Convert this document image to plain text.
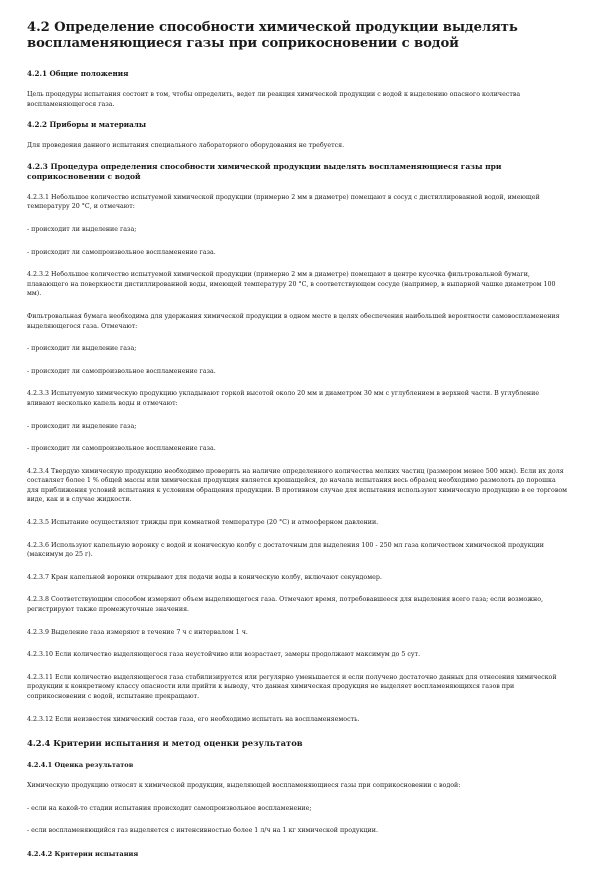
4.2 Определение способности химической продукции выделять воспламеняющиеся газы при соприкосновении с водой
4.2.1 Общие положения
Цель процедуры испытания состоит в том, чтобы определить, ведет ли реакция химической продукции с водой к выделению опасного количества воспламеняющегося газа.
4.2.2 Приборы и материалы
Для проведения данного испытания специального лабораторного оборудования не требуется.
4.2.3 Процедура определения способности химической продукции выделять воспламеняющиеся газы при соприкосновении с водой
4.2.3.1 Небольшое количество испытуемой химической продукции (примерно 2 мм в диаметре) помещают в сосуд с дистиллированной водой, имеющей температуру 20 °С, и отмечают:
- происходит ли выделение газа;
- происходит ли самопроизвольное воспламенение газа.
4.2.3.2 Небольшое количество испытуемой химической продукции (примерно 2 мм в диаметре) помещают в центре кусочка фильтровальной бумаги, плавающего на поверхности дистиллированной воды, имеющей температуру 20 °С, в соответствующем сосуде (например, в выпарной чашке диаметром 100 мм).
Фильтровальная бумага необходима для удержания химической продукции в одном месте в целях обеспечения наибольшей вероятности самовоспламенения выделяющегося газа. Отмечают:
- происходит ли выделение газа;
- происходит ли самопроизвольное воспламенение газа.
4.2.3.3 Испытуемую химическую продукцию укладывают горкой высотой около 20 мм и диаметром 30 мм с углублением в верхней части. В углубление вливают несколько капель воды и отмечают:
- происходит ли выделение газа;
- происходит ли самопроизвольное воспламенение газа.
4.2.3.4 Твердую химическую продукцию необходимо проверить на наличие определенного количества мелких частиц (размером менее 500 мкм). Если их доля составляет более 1 % общей массы или химическая продукция является крошащейся, до начала испытания весь образец необходимо размолоть до порошка для приближения условий испытания к условиям обращения продукции. В противном случае для испытания используют химическую продукцию в ее торговом виде, как и в случае жидкости.
4.2.3.5 Испытание осуществляют трижды при комнатной температуре (20 °С) и атмосферном давлении.
4.2.3.6 Используют капельную воронку с водой и коническую колбу с достаточным для выделения 100 - 250 мл газа количеством химической продукции (максимум до 25 г).
4.2.3.7 Кран капельной воронки открывают для подачи воды в коническую колбу, включают секундомер.
4.2.3.8 Соответствующим способом измеряют объем выделяющегося газа. Отмечают время, потребовавшееся для выделения всего газа; если возможно, регистрируют также промежуточные значения.
4.2.3.9 Выделение газа измеряют в течение 7 ч с интервалом 1 ч.
4.2.3.10 Если количество выделяющегося газа неустойчиво или возрастает, замеры продолжают максимум до 5 сут.
4.2.3.11 Если количество выделяющегося газа стабилизируется или регулярно уменьшается и если получено достаточно данных для отнесения химической продукции к конкретному классу опасности или прийти к выводу, что данная химическая продукция не выделяет воспламеняющихся газов при соприкосновении с водой, испытание прекращают.
4.2.3.12 Если неизвестен химический состав газа, его необходимо испытать на воспламеняемость.
4.2.4 Критерии испытания и метод оценки результатов
4.2.4.1 Оценка результатов
Химическую продукцию относят к химической продукции, выделяющей воспламеняющиеся газы при соприкосновении с водой:
- если на какой-то стадии испытания происходит самопроизвольное воспламенение;
- если воспламеняющийся газ выделяется с интенсивностью более 1 л/ч на 1 кг химической продукции.
4.2.4.2 Критерии испытания
